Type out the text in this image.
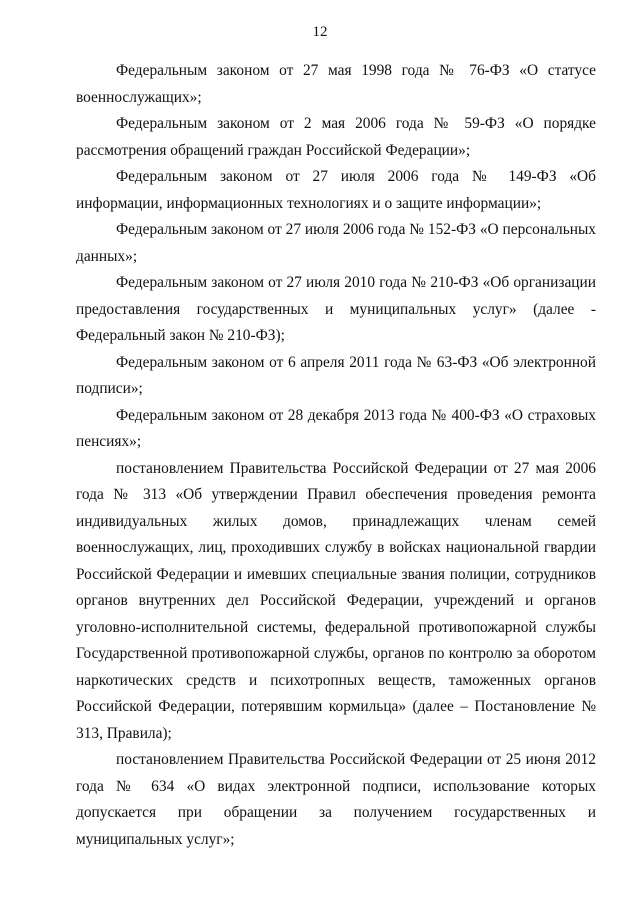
12

Федеральным законом от 27 мая 1998 года № 76-ФЗ «О статусе военнослужащих»;

Федеральным законом от 2 мая 2006 года № 59-ФЗ «О порядке рассмотрения обращений граждан Российской Федерации»;

Федеральным законом от 27 июля 2006 года № 149-ФЗ «Об информации, информационных технологиях и о защите информации»;

Федеральным законом от 27 июля 2006 года № 152-ФЗ «О персональных данных»;

Федеральным законом от 27 июля 2010 года № 210-ФЗ «Об организации предоставления государственных и муниципальных услуг» (далее - Федеральный закон № 210-ФЗ);

Федеральным законом от 6 апреля 2011 года № 63-ФЗ «Об электронной подписи»;

Федеральным законом от 28 декабря 2013 года № 400-ФЗ «О страховых пенсиях»;

постановлением Правительства Российской Федерации от 27 мая 2006 года № 313 «Об утверждении Правил обеспечения проведения ремонта индивидуальных жилых домов, принадлежащих членам семей военнослужащих, лиц, проходивших службу в войсках национальной гвардии Российской Федерации и имевших специальные звания полиции, сотрудников органов внутренних дел Российской Федерации, учреждений и органов уголовно-исполнительной системы, федеральной противопожарной службы Государственной противопожарной службы, органов по контролю за оборотом наркотических средств и психотропных веществ, таможенных органов Российской Федерации, потерявшим кормильца» (далее – Постановление № 313, Правила);

постановлением Правительства Российской Федерации от 25 июня 2012 года № 634 «О видах электронной подписи, использование которых допускается при обращении за получением государственных и муниципальных услуг»;
